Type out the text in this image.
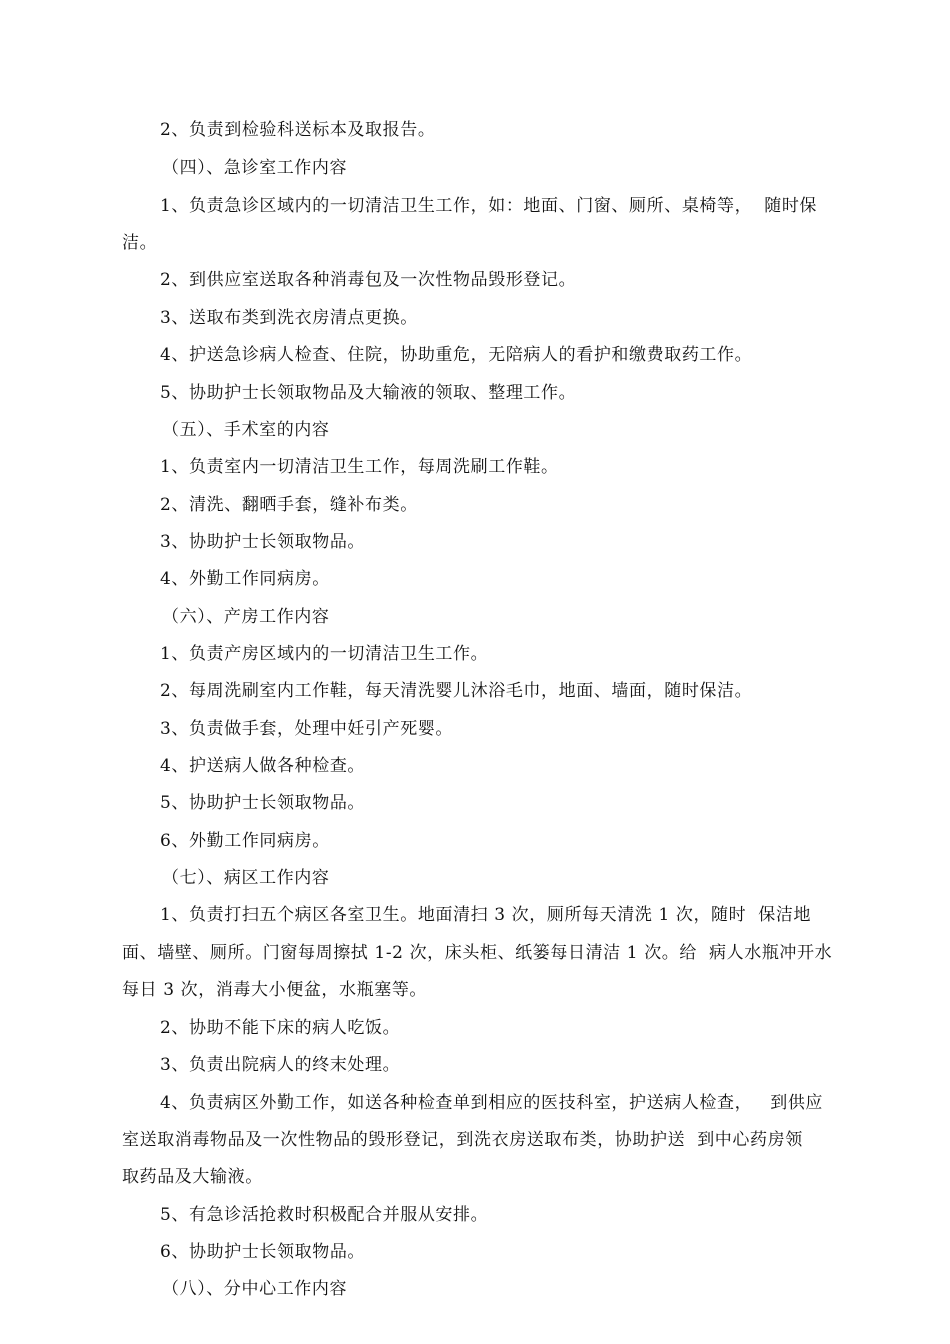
2、负责到检验科送标本及取报告。
（四）、急诊室工作内容
1、负责急诊区域内的一切清洁卫生工作，如：地面、门窗、厕所、桌椅等，  随时保
洁。
2、到供应室送取各种消毒包及一次性物品毁形登记。
3、送取布类到洗衣房清点更换。
4、护送急诊病人检查、住院，协助重危，无陪病人的看护和缴费取药工作。
5、协助护士长领取物品及大输液的领取、整理工作。
（五）、手术室的内容
1、负责室内一切清洁卫生工作，每周洗刷工作鞋。
2、清洗、翻晒手套，缝补布类。
3、协助护士长领取物品。
4、外勤工作同病房。
（六）、产房工作内容
1、负责产房区域内的一切清洁卫生工作。
2、每周洗刷室内工作鞋，每天清洗婴儿沐浴毛巾，地面、墙面，随时保洁。
3、负责做手套，处理中妊引产死婴。
4、护送病人做各种检查。
5、协助护士长领取物品。
6、外勤工作同病房。
（七）、病区工作内容
1、负责打扫五个病区各室卫生。地面清扫 3 次，厕所每天清洗 1 次，随时  保洁地
面、墙壁、厕所。门窗每周擦拭 1-2 次，床头柜、纸篓每日清洁 1 次。给  病人水瓶冲开水
每日 3 次，消毒大小便盆，水瓶塞等。
2、协助不能下床的病人吃饭。
3、负责出院病人的终末处理。
4、负责病区外勤工作，如送各种检查单到相应的医技科室，护送病人检查，   到供应
室送取消毒物品及一次性物品的毁形登记，到洗衣房送取布类，协助护送  到中心药房领
取药品及大输液。
5、有急诊活抢救时积极配合并服从安排。
6、协助护士长领取物品。
（八）、分中心工作内容
